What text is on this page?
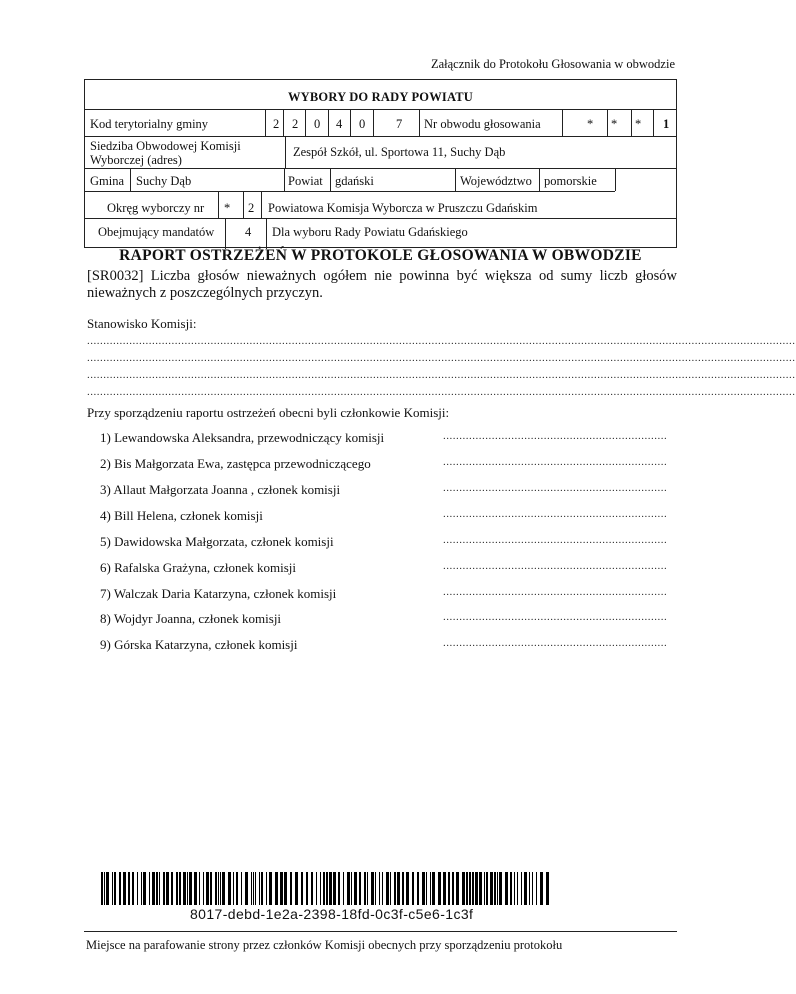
Załącznik do Protokołu Głosowania w obwodzie
WYBORY DO RADY POWIATU
Kod terytorialny gminy	2 2 0 4 0 7 Nr obwodu głosowania	* * * 1
Siedziba Obwodowej Komisji
Wyborczej (adres)
Zespół Szkół, ul. Sportowa 11, Suchy Dąb
Gmina Suchy Dąb	Powiat gdański	Województwo pomorskie
Okręg wyborczy nr * 2 Powiatowa Komisja Wyborcza w Pruszczu Gdańskim
Obejmujący mandatów 4 Dla wyboru Rady Powiatu Gdańskiego
RAPORT OSTRZEŻEŃ W PROTOKOLE GŁOSOWANIA W OBWODZIE
[SR0032] Liczba głosów nieważnych ogółem nie powinna być większa od sumy liczb głosów nieważnych z poszczególnych przyczyn.
Stanowisko Komisji:
..........................................................................................................................................................................................................................
..........................................................................................................................................................................................................................
..........................................................................................................................................................................................................................
..........................................................................................................................................................................................................................
Przy sporządzeniu raportu ostrzeżeń obecni byli członkowie Komisji:
1) Lewandowska Aleksandra, przewodniczący komisji	.....................................................................
2) Bis Małgorzata Ewa, zastępca przewodniczącego	.....................................................................
3) Allaut Małgorzata Joanna , członek komisji	.....................................................................
4) Bill Helena, członek komisji	.....................................................................
5) Dawidowska Małgorzata, członek komisji	.....................................................................
6) Rafalska Grażyna, członek komisji	.....................................................................
7) Walczak Daria Katarzyna, członek komisji	.....................................................................
8) Wojdyr Joanna, członek komisji	.....................................................................
9) Górska Katarzyna, członek komisji	.....................................................................
8017-debd-1e2a-2398-18fd-0c3f-c5e6-1c3f
Miejsce na parafowanie strony przez członków Komisji obecnych przy sporządzeniu protokołu
